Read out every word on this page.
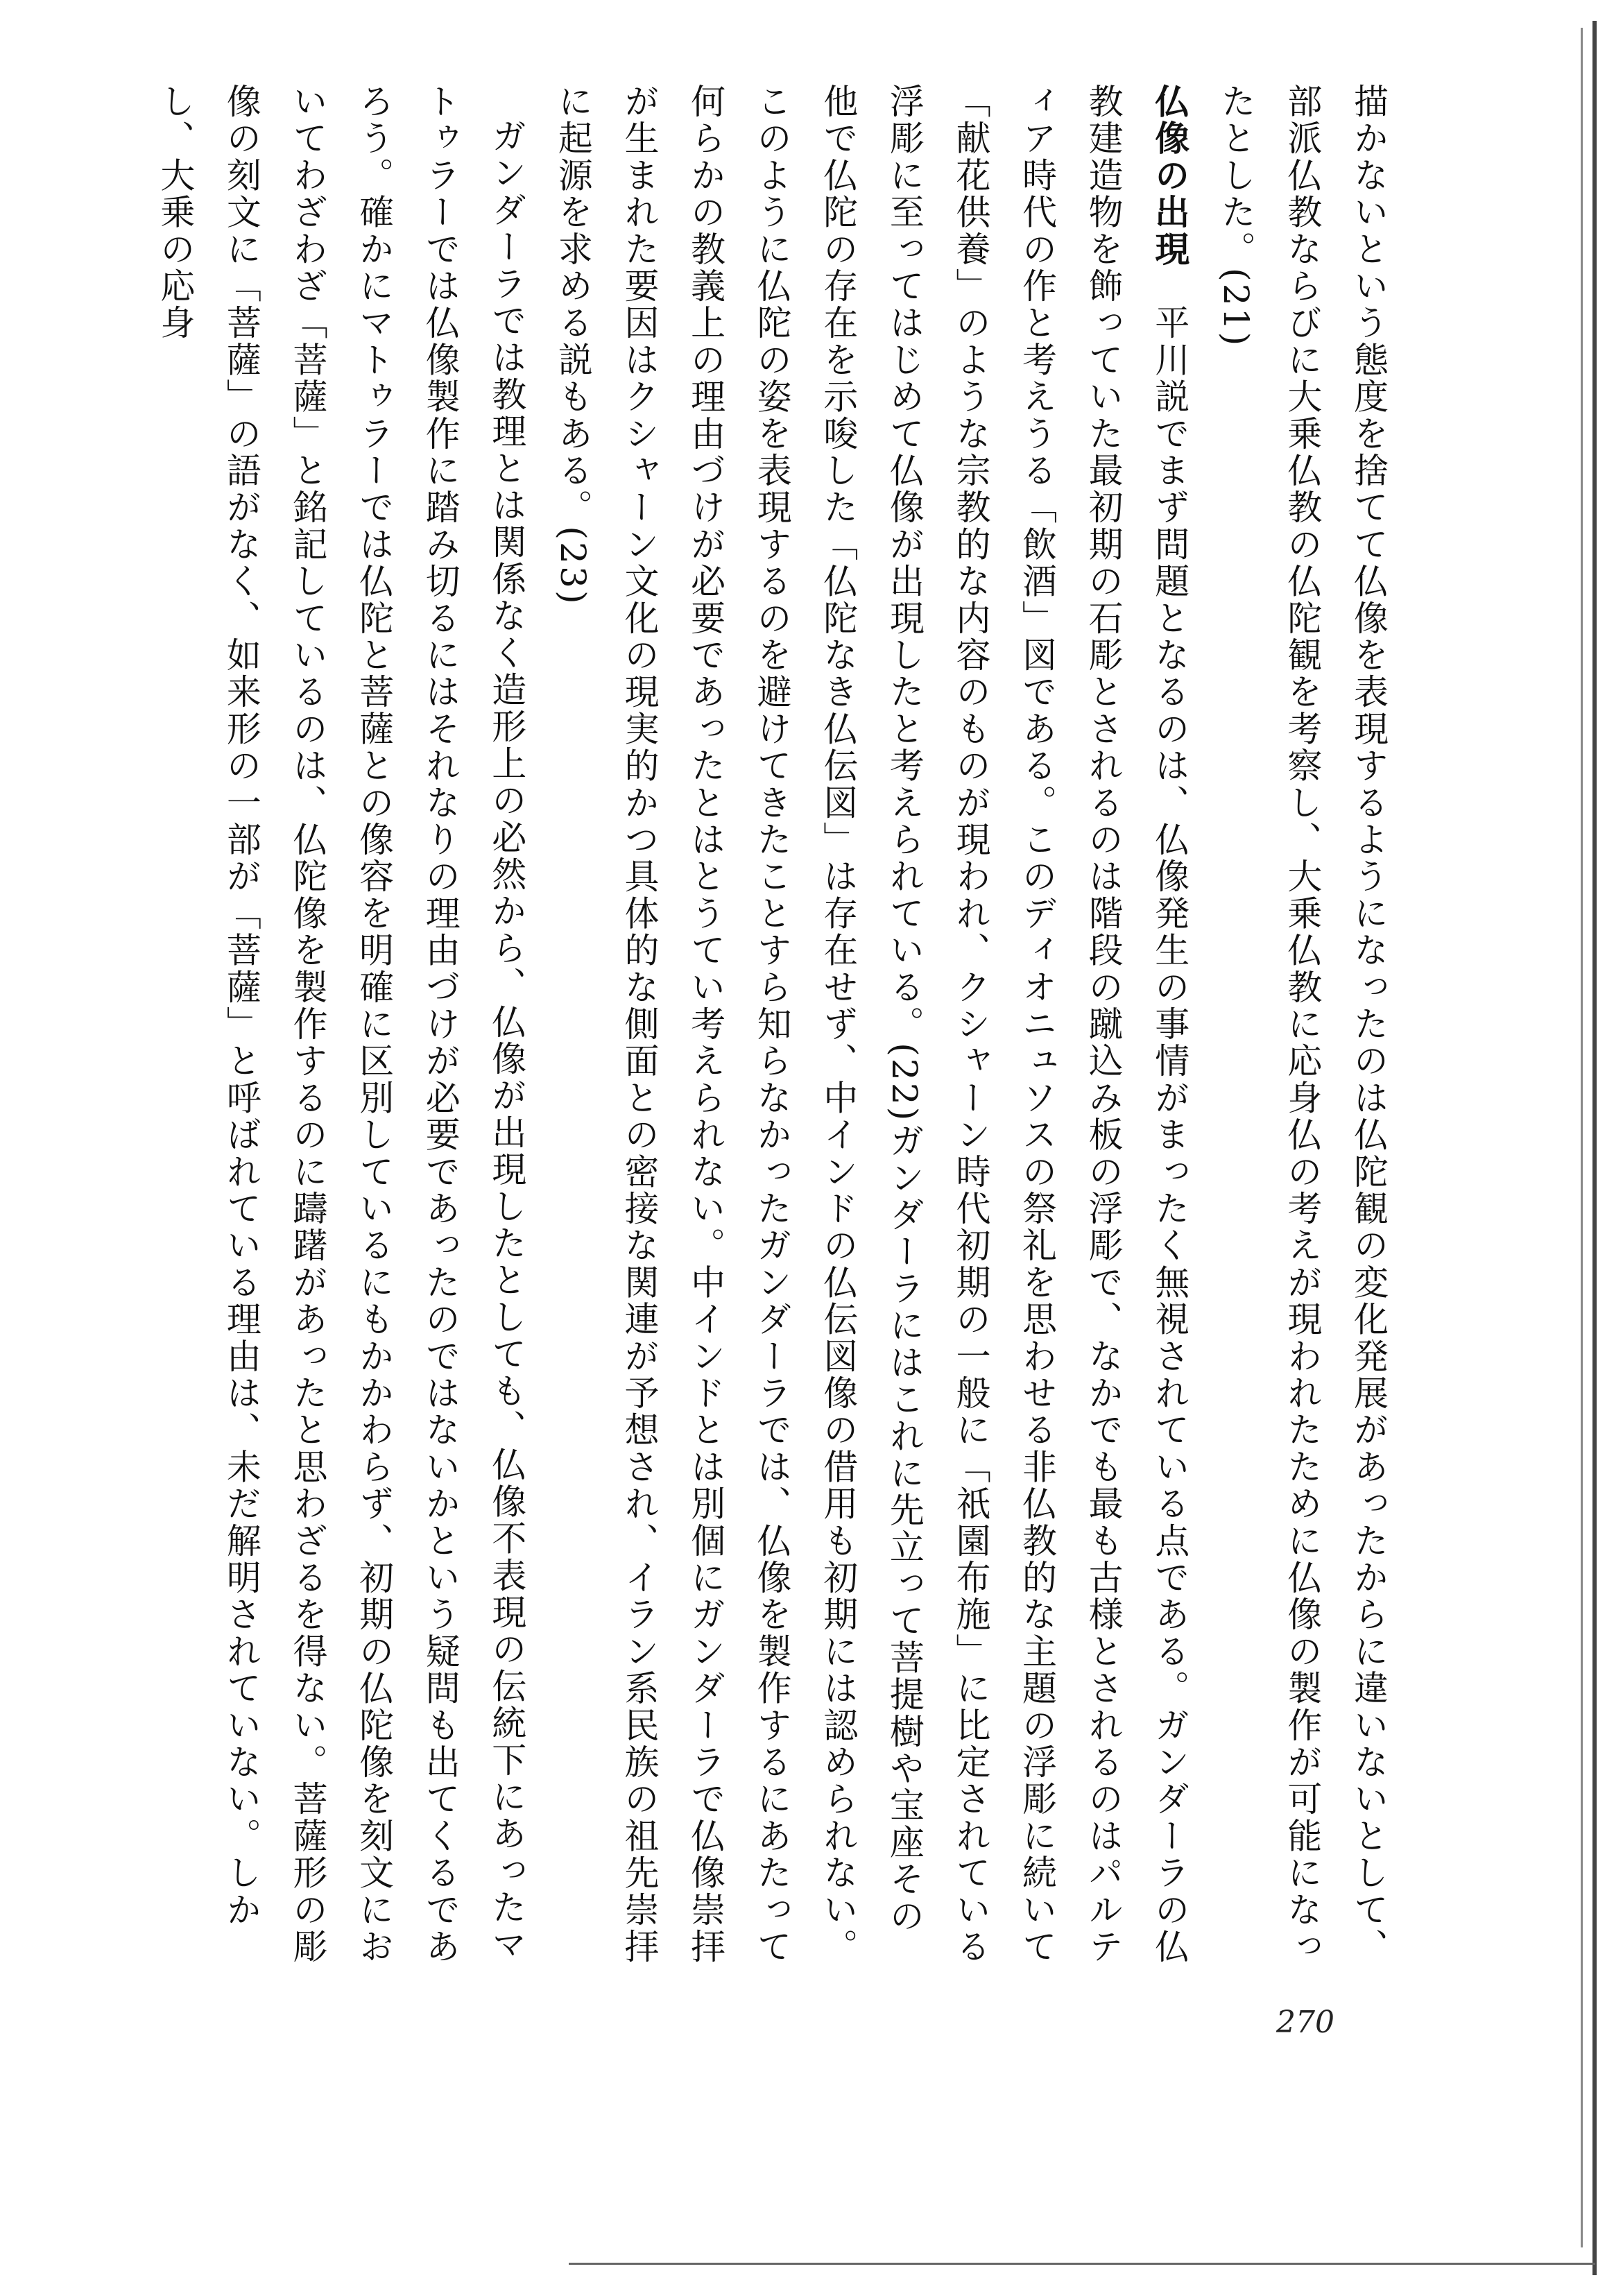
描かないという態度を捨てて仏像を表現するようになったのは仏陀観の変化発展があったからに違いないとして、部派仏教ならびに大乗仏教の仏陀観を考察し、大乗仏教に応身仏の考えが現われたために仏像の製作が可能になったとした。(21)

仏像の出現　平川説でまず問題となるのは、仏像発生の事情がまったく無視されている点である。ガンダーラの仏教建造物を飾っていた最初期の石彫とされるのは階段の蹴込み板の浮彫で、なかでも最も古様とされるのはパルティア時代の作と考えうる「飲酒」図である。このディオニュソスの祭礼を思わせる非仏教的な主題の浮彫に続いて「献花供養」のような宗教的な内容のものが現われ、クシャーン時代初期の一般に「祇園布施」に比定されている浮彫に至ってはじめて仏像が出現したと考えられている。(22)ガンダーラにはこれに先立って菩提樹や宝座その他で仏陀の存在を示唆した「仏陀なき仏伝図」は存在せず、中インドの仏伝図像の借用も初期には認められない。このように仏陀の姿を表現するのを避けてきたことすら知らなかったガンダーラでは、仏像を製作するにあたって何らかの教義上の理由づけが必要であったとはとうてい考えられない。中インドとは別個にガンダーラで仏像崇拝が生まれた要因はクシャーン文化の現実的かつ具体的な側面との密接な関連が予想され、イラン系民族の祖先崇拝に起源を求める説もある。(23)

ガンダーラでは教理とは関係なく造形上の必然から、仏像が出現したとしても、仏像不表現の伝統下にあったマトゥラーでは仏像製作に踏み切るにはそれなりの理由づけが必要であったのではないかという疑問も出てくるであろう。確かにマトゥラーでは仏陀と菩薩との像容を明確に区別しているにもかかわらず、初期の仏陀像を刻文においてわざわざ「菩薩」と銘記しているのは、仏陀像を製作するのに躊躇があったと思わざるを得ない。菩薩形の彫像の刻文に「菩薩」の語がなく、如来形の一部が「菩薩」と呼ばれている理由は、未だ解明されていない。しかし、大乗の応身

270
